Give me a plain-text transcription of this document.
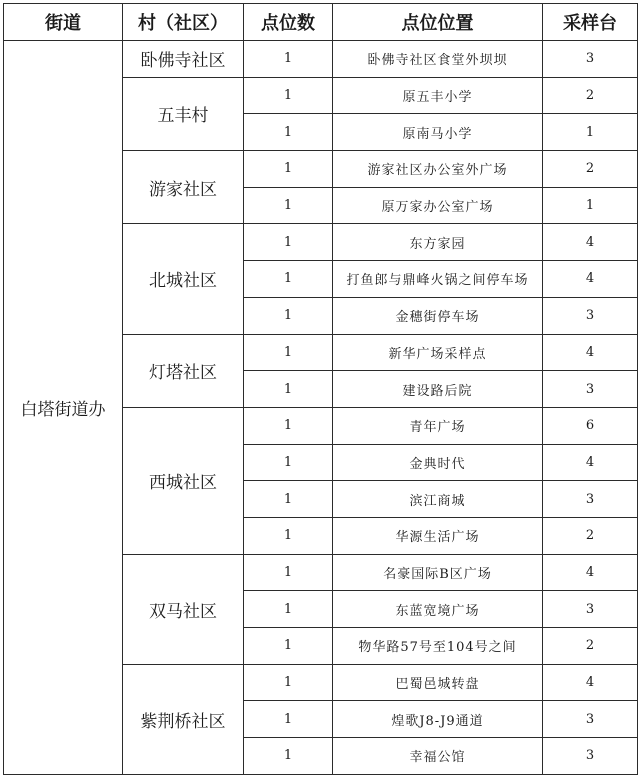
街道	村（社区）	点位数	点位位置	采样台
白塔街道办	卧佛寺社区	1	卧佛寺社区食堂外坝坝	3
	五丰村	1	原五丰小学	2
		1	原南马小学	1
	游家社区	1	游家社区办公室外广场	2
		1	原万家办公室广场	1
	北城社区	1	东方家园	4
		1	打鱼郎与鼎峰火锅之间停车场	4
		1	金穗街停车场	3
	灯塔社区	1	新华广场采样点	4
		1	建设路后院	3
	西城社区	1	青年广场	6
		1	金典时代	4
		1	滨江商城	3
		1	华源生活广场	2
	双马社区	1	名豪国际B区广场	4
		1	东蓝宽境广场	3
		1	物华路57号至104号之间	2
	紫荆桥社区	1	巴蜀邑城转盘	4
		1	煌歌J8-J9通道	3
		1	幸福公馆	3
